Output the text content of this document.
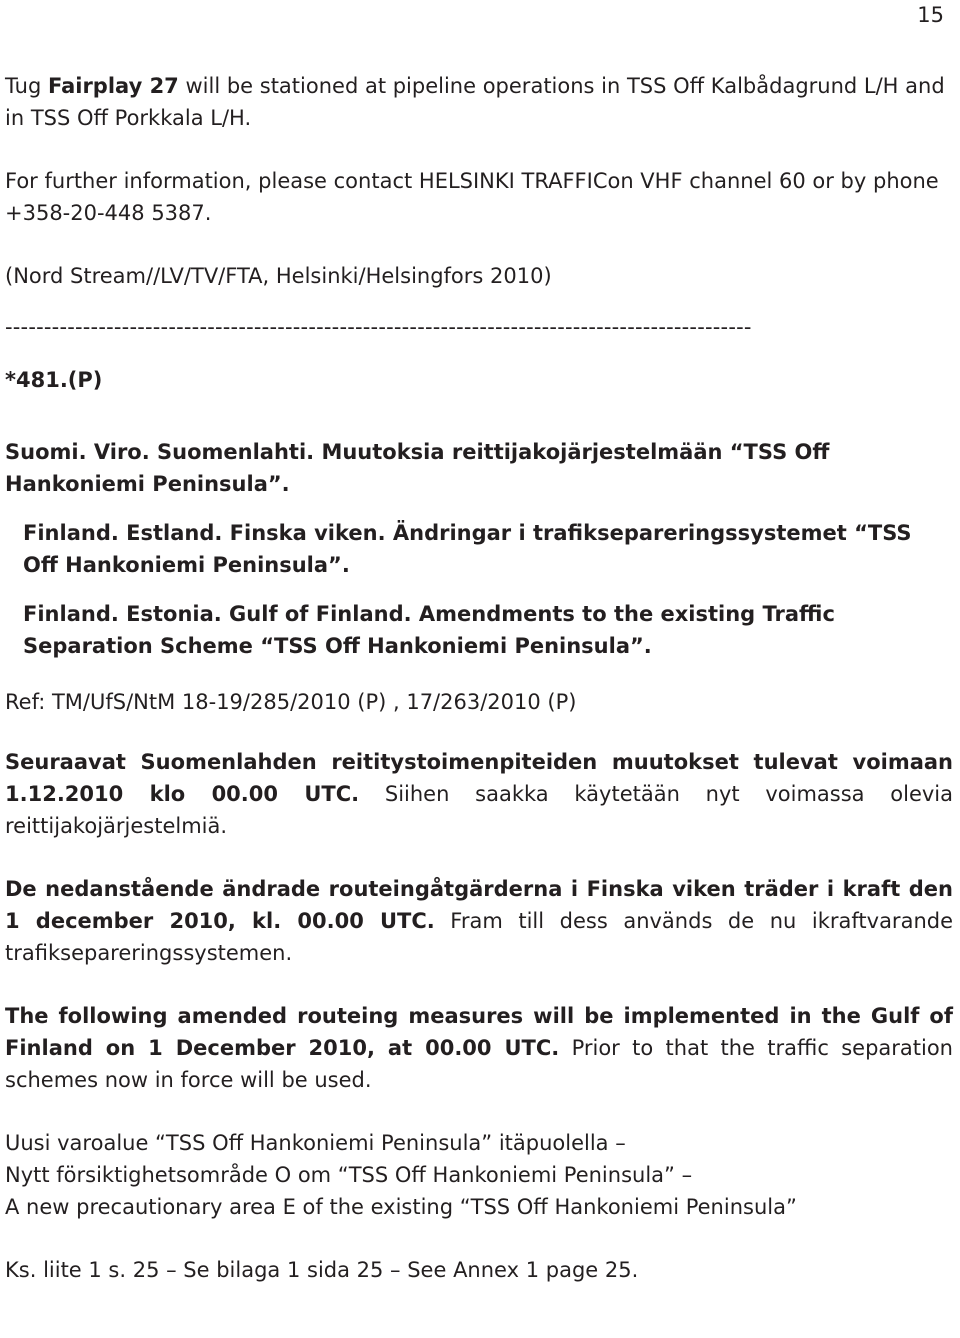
15

Tug Fairplay 27 will be stationed at pipeline operations in TSS Off Kalbådagrund L/H and in TSS Off Porkkala L/H.

For further information, please contact HELSINKI TRAFFICon VHF channel 60 or by phone +358-20-448 5387.

(Nord Stream//LV/TV/FTA, Helsinki/Helsingfors 2010)

------------------------------------------------------------------------------------------------
*481.(P)

Suomi. Viro. Suomenlahti. Muutoksia reittijakojärjestelmään “TSS Off Hankoniemi Peninsula”.

Finland. Estland. Finska viken. Ändringar i trafiksepareringssystemet “TSS Off Hankoniemi Peninsula”.

Finland. Estonia. Gulf of Finland. Amendments to the existing Traffic Separation Scheme “TSS Off Hankoniemi Peninsula”.

Ref: TM/UfS/NtM 18-19/285/2010 (P) , 17/263/2010 (P)

Seuraavat Suomenlahden reititystoimenpiteiden muutokset tulevat voimaan 1.12.2010 klo 00.00 UTC. Siihen saakka käytetään nyt voimassa olevia reittijakojärjestelmiä.

De nedanstående ändrade routeingåtgärderna i Finska viken träder i kraft den 1 december 2010, kl. 00.00 UTC. Fram till dess används de nu ikraftvarande trafiksepareringssystemen.

The following amended routeing measures will be implemented in the Gulf of Finland on 1 December 2010, at 00.00 UTC. Prior to that the traffic separation schemes now in force will be used.

Uusi varoalue “TSS Off Hankoniemi Peninsula” itäpuolella –

Nytt försiktighetsområde O om “TSS Off Hankoniemi Peninsula” –

A new precautionary area E of the existing “TSS Off Hankoniemi Peninsula”

Ks. liite 1 s. 25 – Se bilaga 1 sida 25 – See Annex 1 page 25.
